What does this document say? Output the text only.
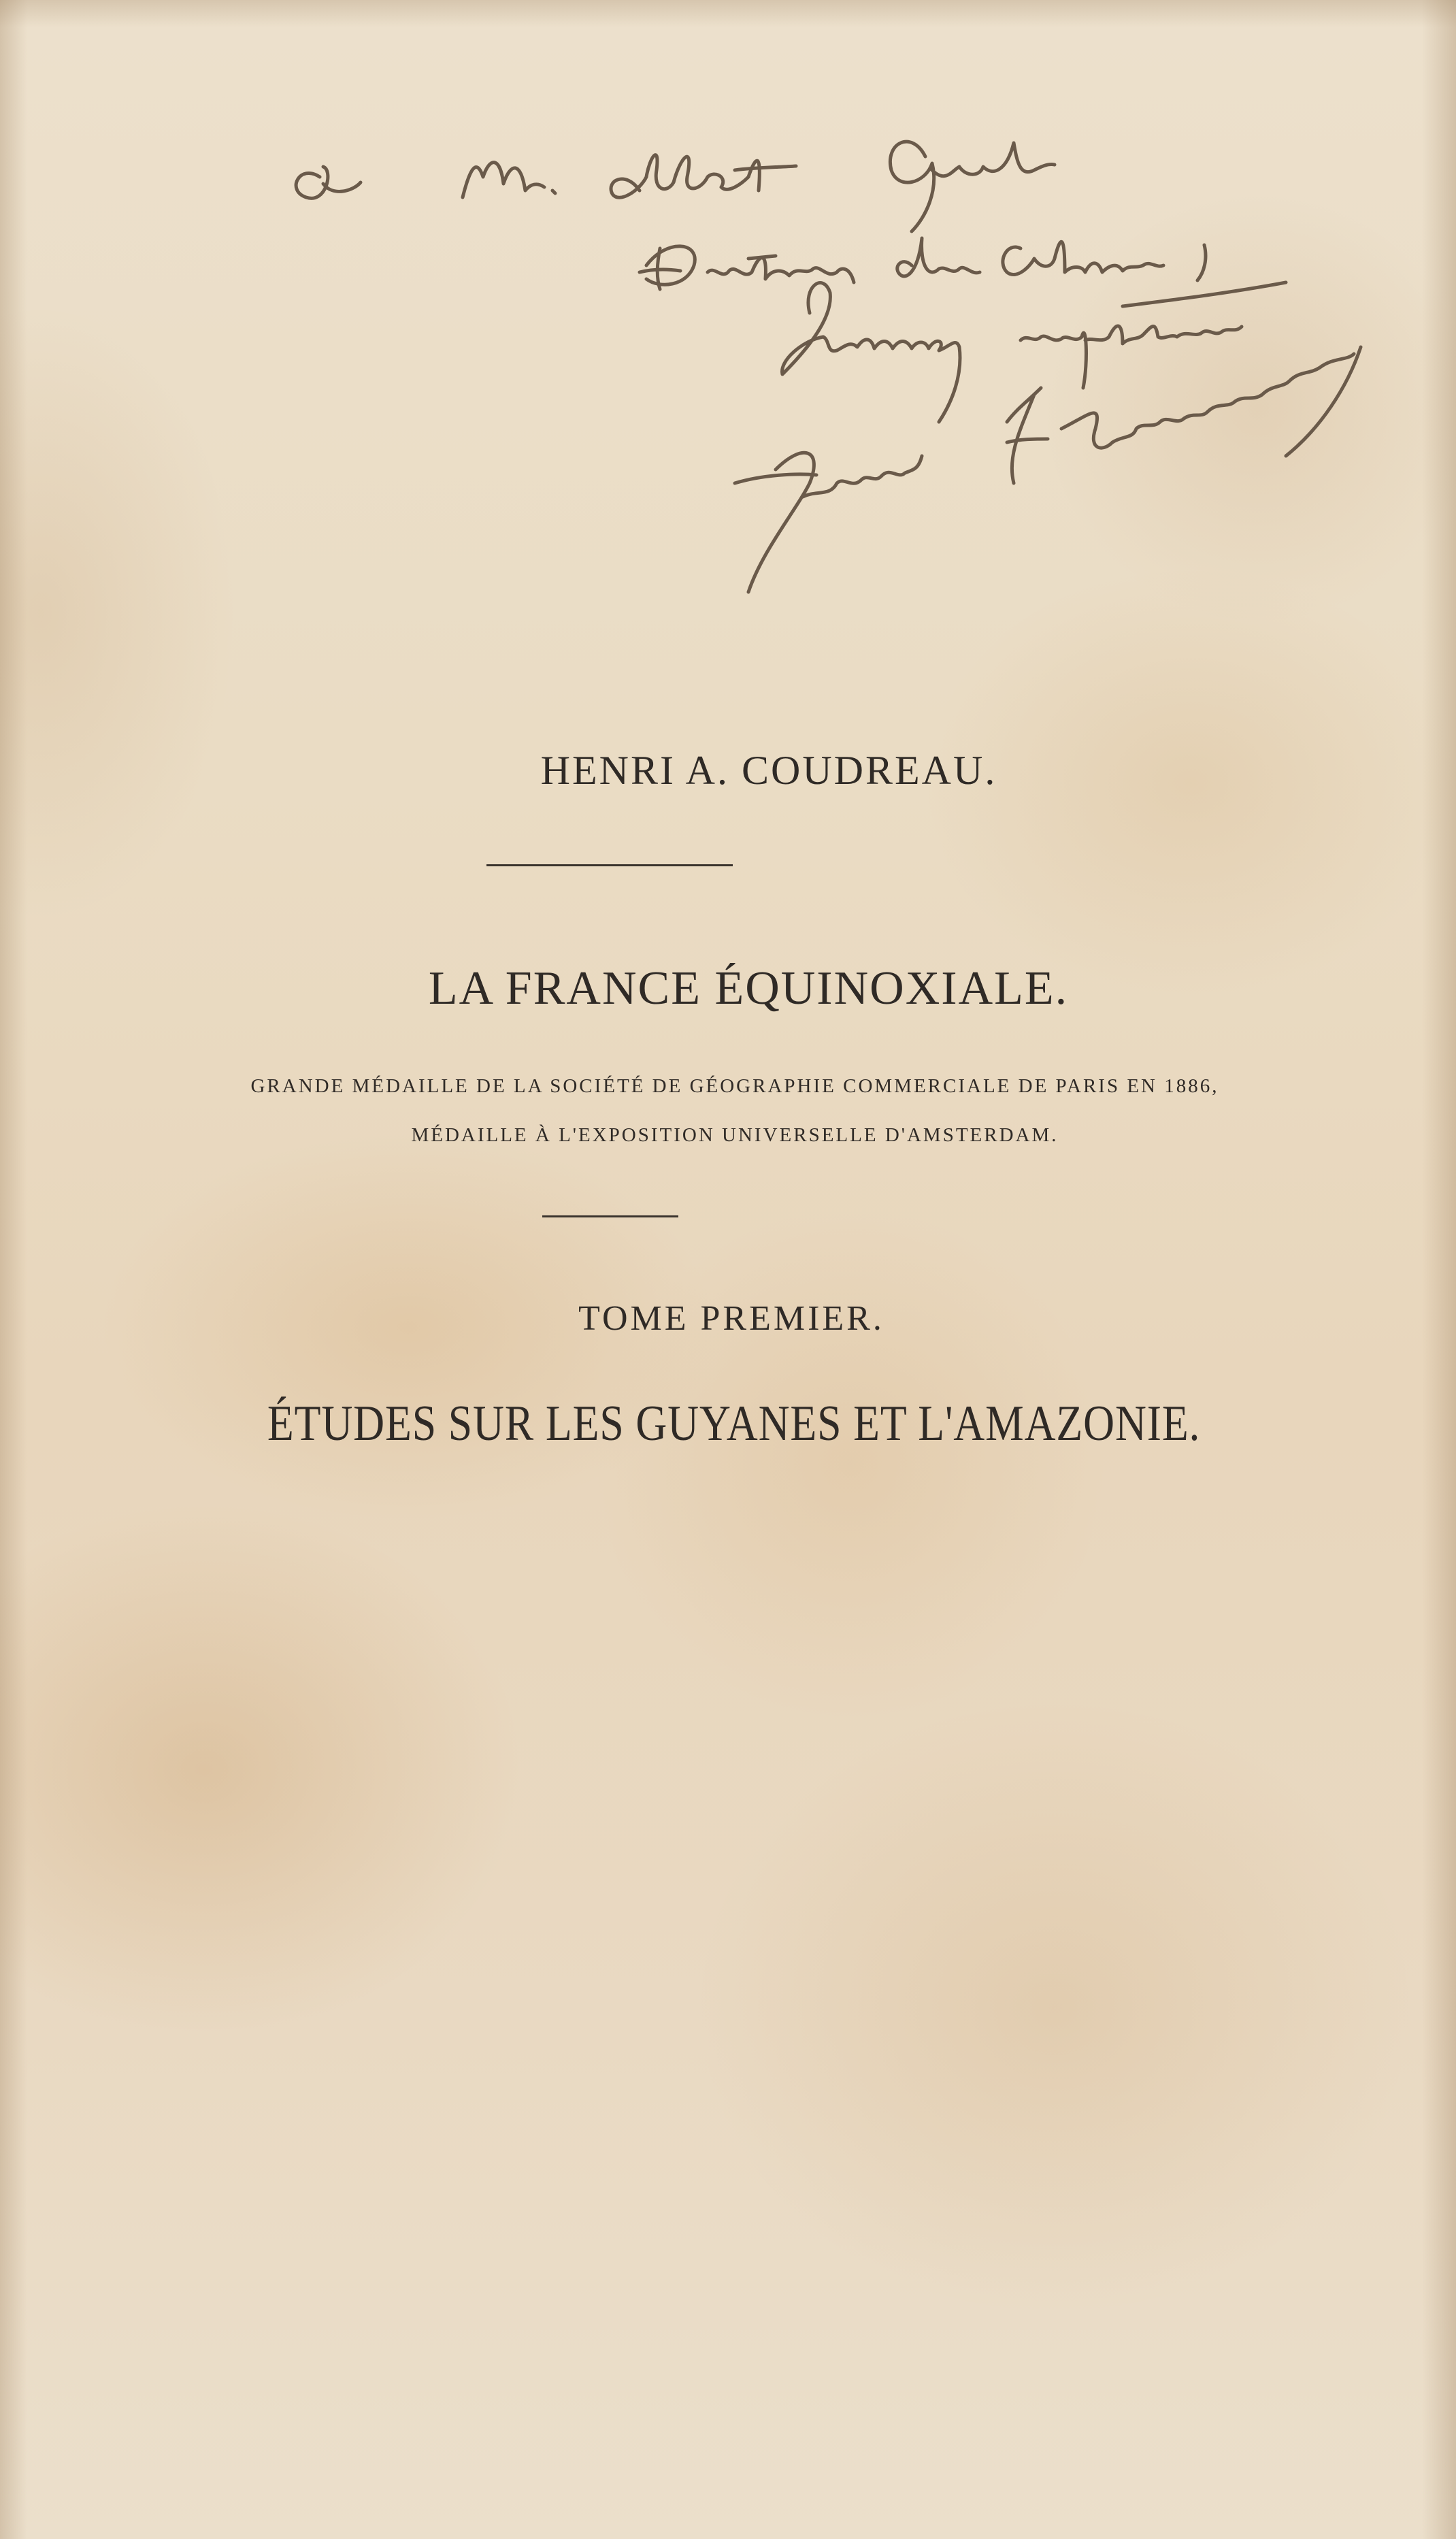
HENRI A. COUDREAU.

LA FRANCE ÉQUINOXIALE.

GRANDE MÉDAILLE DE LA SOCIÉTÉ DE GÉOGRAPHIE COMMERCIALE DE PARIS EN 1886,

MÉDAILLE À L'EXPOSITION UNIVERSELLE D'AMSTERDAM.

TOME PREMIER.

ÉTUDES SUR LES GUYANES ET L'AMAZONIE.
